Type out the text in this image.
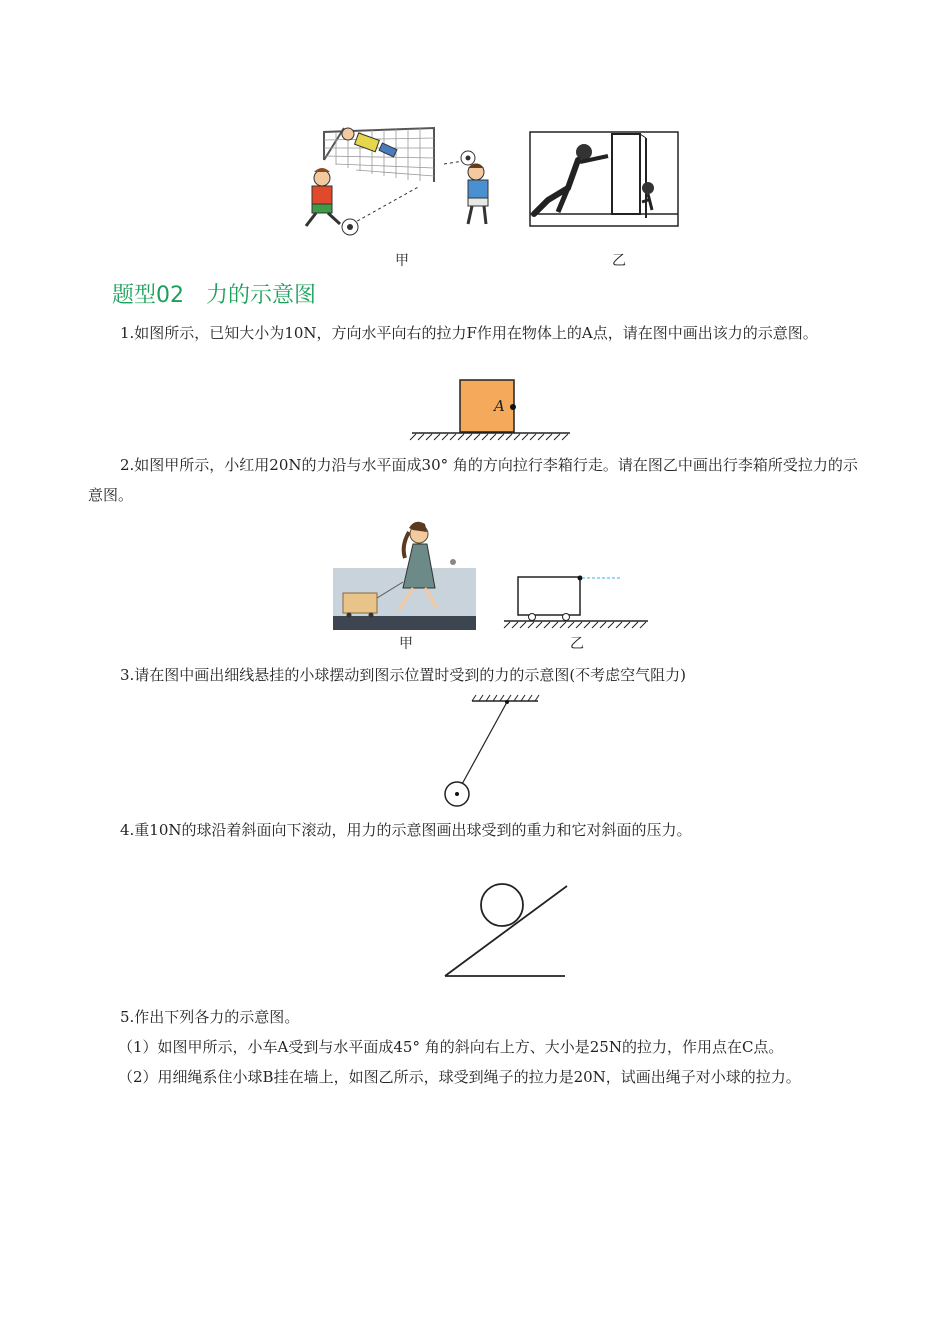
甲	乙
题型02 力的示意图
1.如图所示，已知大小为10N，方向水平向右的拉力F作用在物体上的A点，请在图中画出该力的示意图。
A
2.如图甲所示，小红用20N的力沿与水平面成30° 角的方向拉行李箱行走。请在图乙中画出行李箱所受拉力的示意图。
甲	乙
3.请在图中画出细线悬挂的小球摆动到图示位置时受到的力的示意图(不考虑空气阻力)
4.重10N的球沿着斜面向下滚动，用力的示意图画出球受到的重力和它对斜面的压力。
5.作出下列各力的示意图。
（1）如图甲所示，小车A受到与水平面成45° 角的斜向右上方、大小是25N的拉力，作用点在C点。
（2）用细绳系住小球B挂在墙上，如图乙所示，球受到绳子的拉力是20N，试画出绳子对小球的拉力。
